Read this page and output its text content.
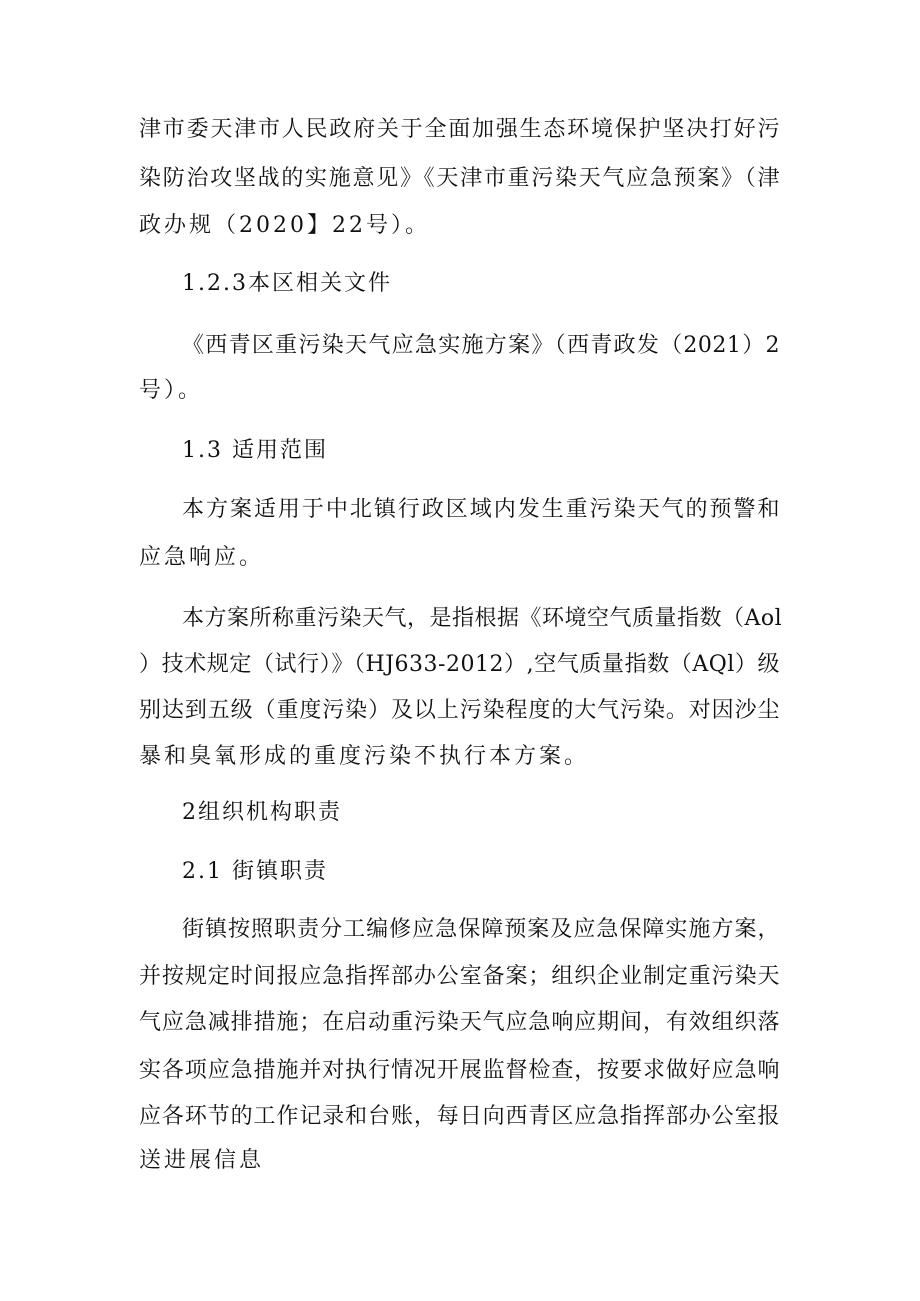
津市委天津市人民政府关于全面加强生态环境保护坚决打好污
染防治攻坚战的实施意见》《天津市重污染天气应急预案》（津
政办规（2020】22号）。
1.2.3本区相关文件
《西青区重污染天气应急实施方案》（西青政发（2021）2
号）。
1.3 适用范围
本方案适用于中北镇行政区域内发生重污染天气的预警和
应急响应。
本方案所称重污染天气，是指根据《环境空气质量指数（Aol
）技术规定（试行）》（HJ633-2012）,空气质量指数（AQl）级
别达到五级（重度污染）及以上污染程度的大气污染。对因沙尘
暴和臭氧形成的重度污染不执行本方案。
2组织机构职责
2.1 街镇职责
街镇按照职责分工编修应急保障预案及应急保障实施方案，
并按规定时间报应急指挥部办公室备案；组织企业制定重污染天
气应急减排措施；在启动重污染天气应急响应期间，有效组织落
实各项应急措施并对执行情况开展监督检查，按要求做好应急响
应各环节的工作记录和台账，每日向西青区应急指挥部办公室报
送进展信息
